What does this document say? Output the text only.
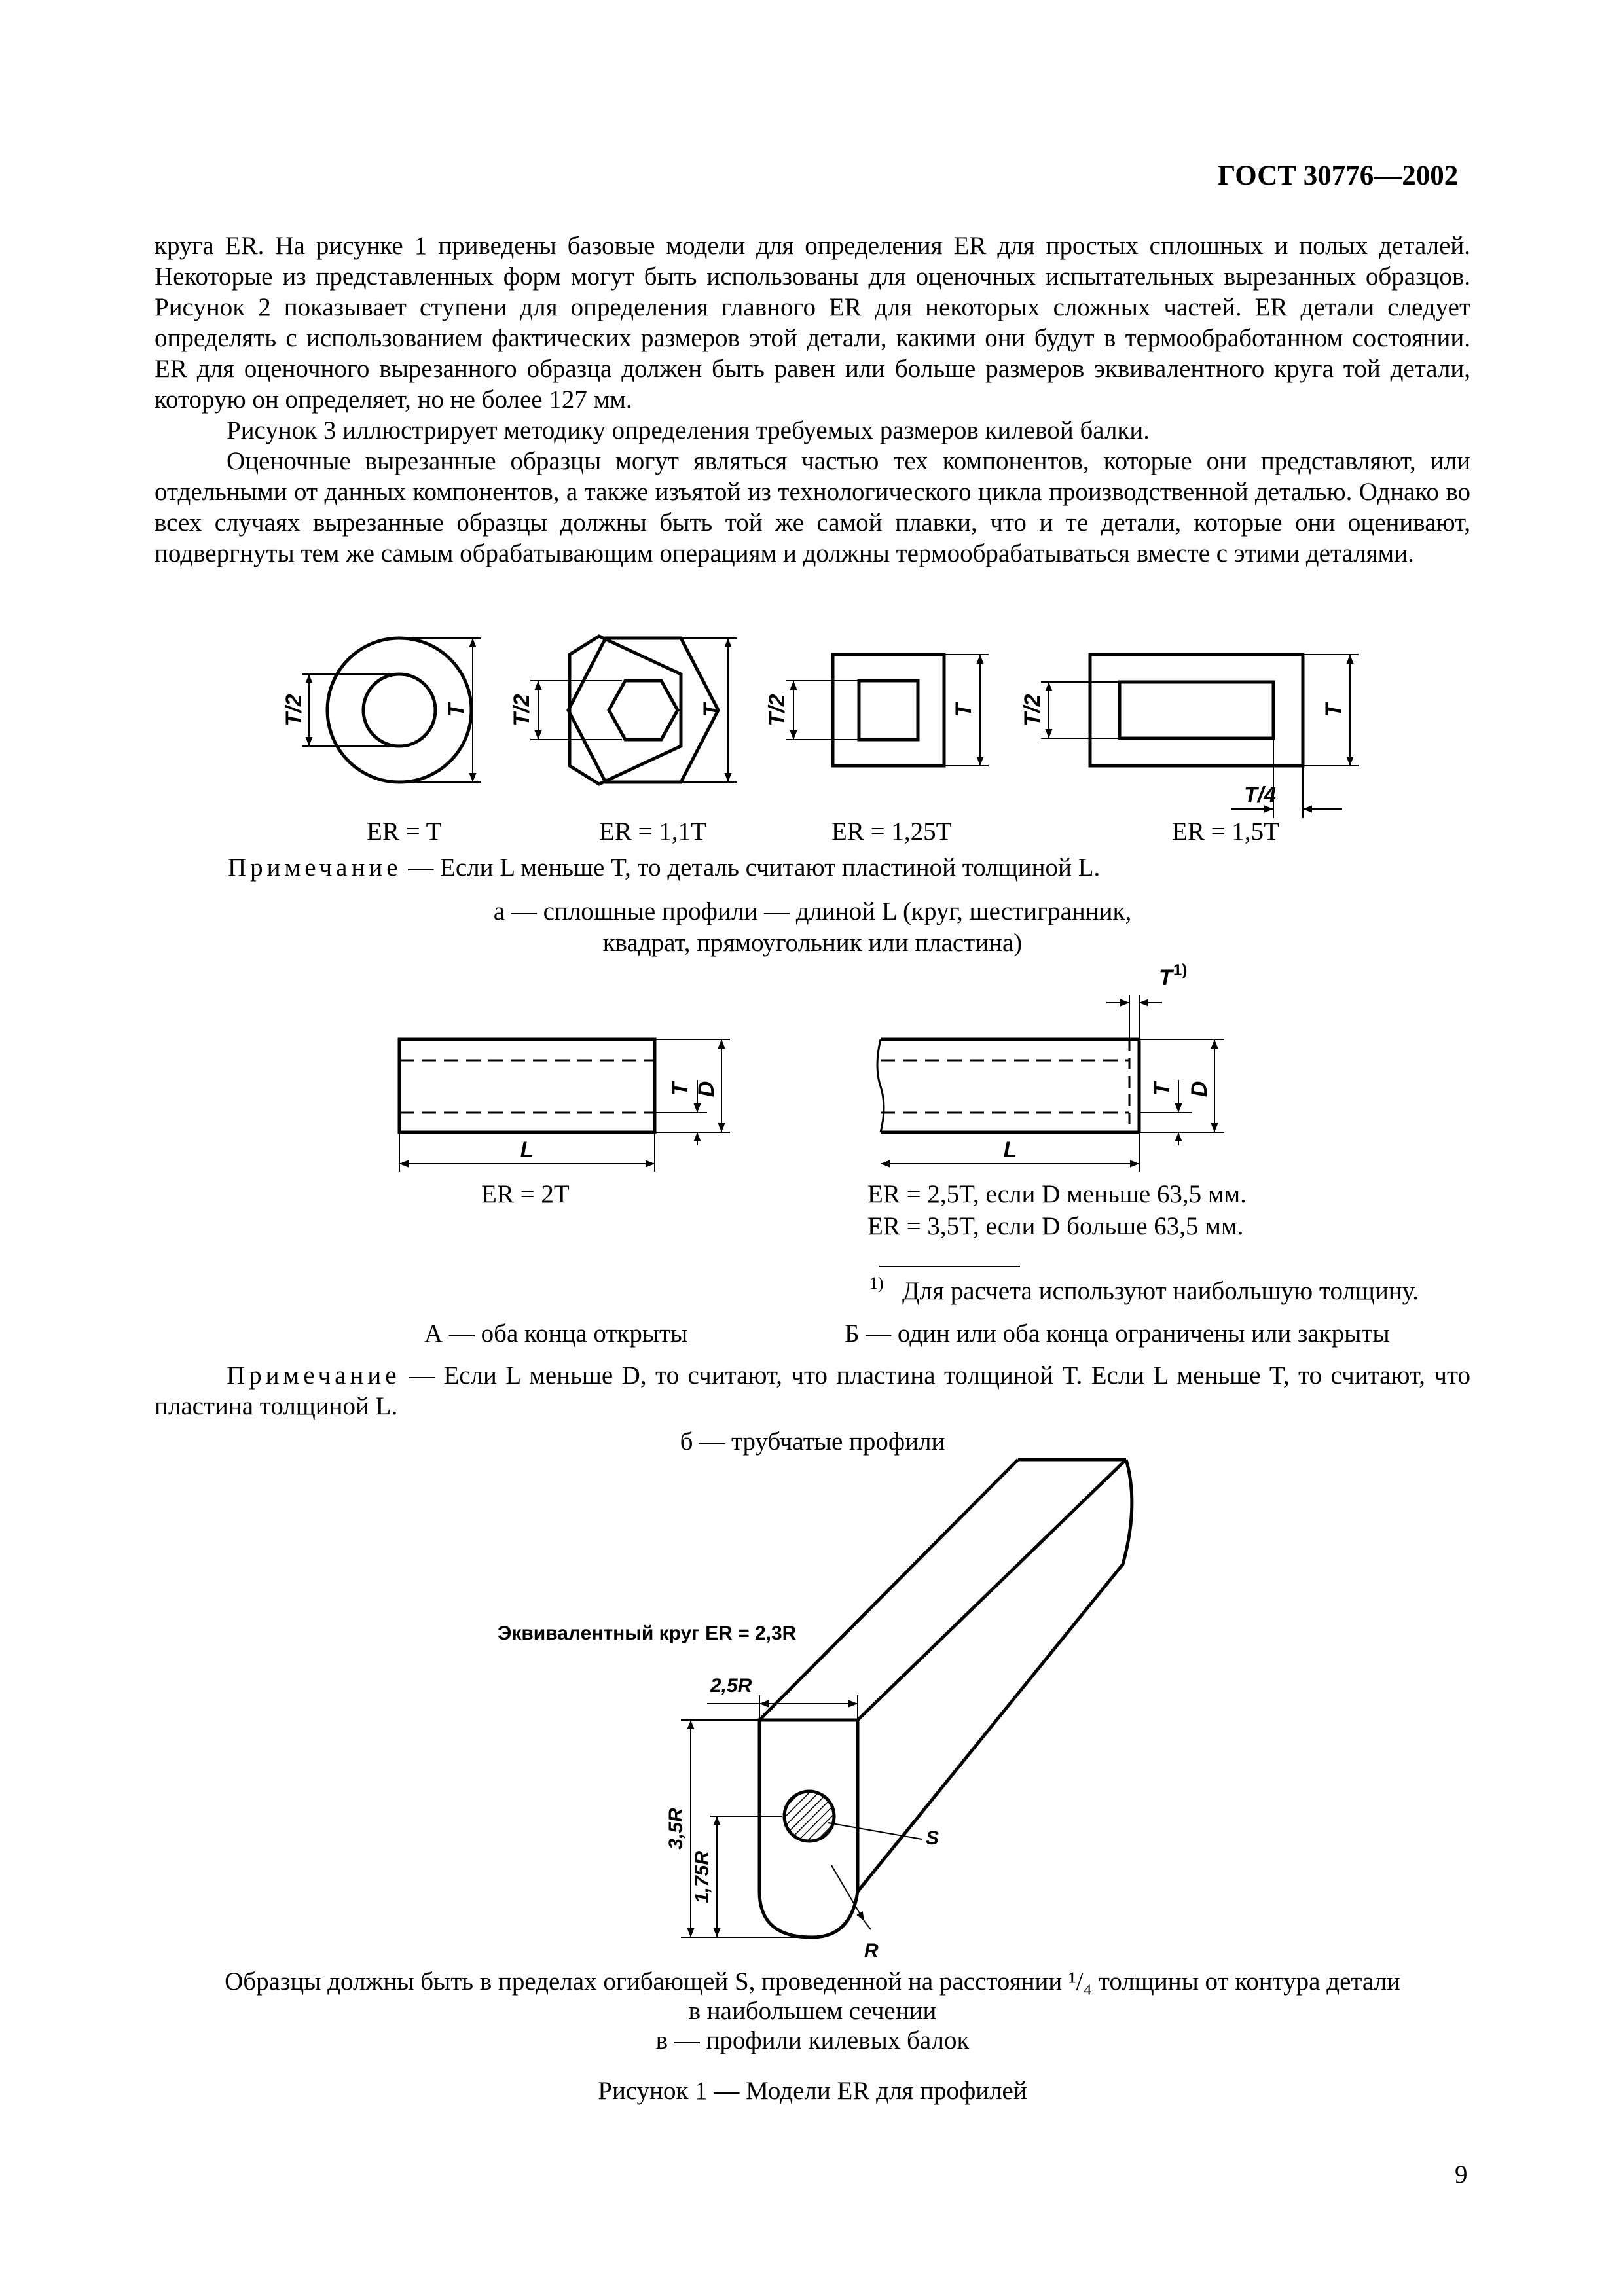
ГОСТ 30776—2002

круга ER. На рисунке 1 приведены базовые модели для определения ER для простых сплошных и полых деталей. Некоторые из представленных форм могут быть использованы для оценочных испытательных вырезанных образцов. Рисунок 2 показывает ступени для определения главного ER для некоторых сложных частей. ER детали следует определять с использованием фактических размеров этой детали, какими они будут в термообработанном состоянии. ER для оценочного вырезанного образца должен быть равен или больше размеров эквивалентного круга той детали, которую он определяет, но не более 127 мм.

Рисунок 3 иллюстрирует методику определения требуемых размеров килевой балки.

Оценочные вырезанные образцы могут являться частью тех компонентов, которые они представляют, или отдельными от данных компонентов, а также изъятой из технологического цикла производственной деталью. Однако во всех случаях вырезанные образцы должны быть той же самой плавки, что и те детали, которые они оценивают, подвергнуты тем же самым обрабатывающим операциям и должны термообрабатываться вместе с этими деталями.

T/2	T T/2	T T/2	T T/2	T
T/4
T D
L
T 1)
T D
L
Эквивалентный круг ER = 2,3R
2,5R
3,5R
1,75R
S
R
ER = T	ER = 1,1T	ER = 1,25T	ER = 1,5T
Примечание — Если L меньше T, то деталь считают пластиной толщиной L.
а — сплошные профили — длиной L (круг, шестигранник,
квадрат, прямоугольник или пластина)
ER = 2T	ER = 2,5T, если D меньше 63,5 мм.
ER = 3,5T, если D больше 63,5 мм.
1) Для расчета используют наибольшую толщину.
А — оба конца открыты	Б — один или оба конца ограничены или закрыты
Примечание — Если L меньше D, то считают, что пластина толщиной T. Если L меньше T, то считают, что пластина толщиной L.
б — трубчатые профили
Образцы должны быть в пределах огибающей S, проведенной на расстоянии ¹/₄ толщины от контура детали
в наибольшем сечении
в — профили килевых балок
Рисунок 1 — Модели ER для профилей
9
